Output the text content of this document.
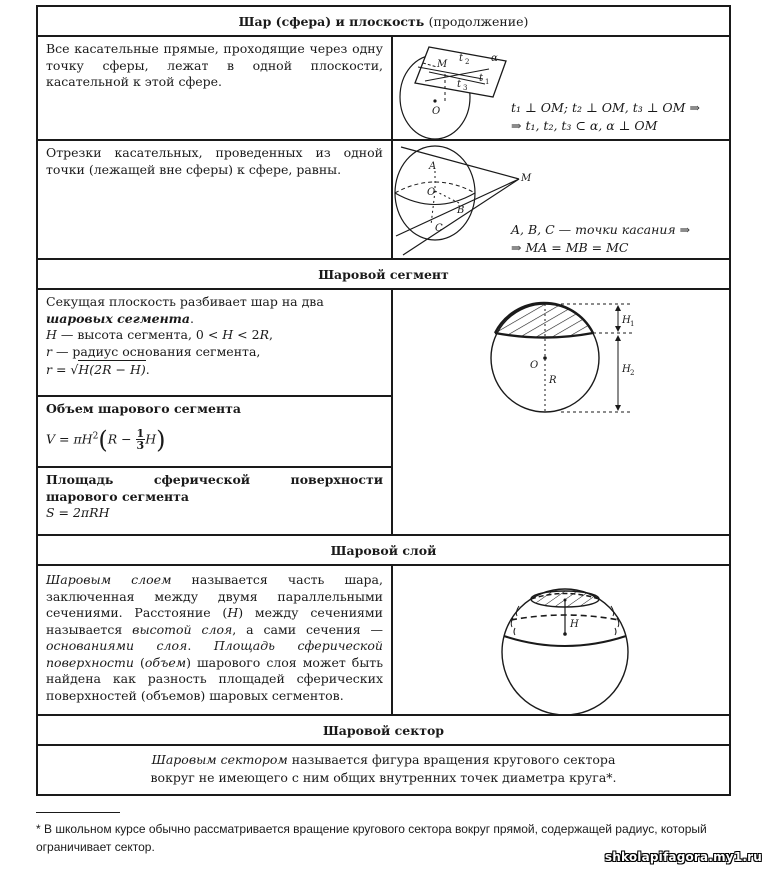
Шар (сфера) и плоскость
(продолжение)
Все касательные прямые, проходящие через одну точку сферы, лежат в одной плоскости, касательной к этой сфере.
M
t 2 α
t 1
t 3
O	t₁ ⊥ OM; t₂ ⊥ OM, t₃ ⊥ OM ⇒
⇒ t₁, t₂, t₃ ⊂ α, α ⊥ OM
Отрезки касательных, проведенных из одной точки (лежащей вне сферы) к сфере, равны.	A
O
B
C
M
A, B, C — точки касания ⇒
⇒ MA = MB = MC
Шаровой сегмент
Секущая плоскость разбивает шар на два шаровых сегмента.
H — высота сегмента, 0 < H < 2R,
r — радиус основания сегмента,
r = √H(2R − H).
Объем шарового сегмента
$V = \pi H^2(R - \frac{1}{3} H)$
Площадь сферической поверхности шарового сегмента
S = 2πRH
H 1
H 2
O
R
Шаровой слой
Шаровым слоем называется часть шара, заключенная между двумя параллельными сечениями. Расстояние (H) между сечениями называется высотой слоя, а сами сечения — основаниями слоя. Площадь сферической поверхности (объем) шарового слоя может быть найдена как разность площадей сферических поверхностей (объемов) шаровых сегментов.
H
Шаровой сектор
Шаровым сектором называется фигура вращения кругового сектора
вокруг не имеющего с ним общих внутренних точек диаметра круга*.
* В школьном курсе обычно рассматривается вращение кругового сектора вокруг прямой, содержащей радиус, который ограничивает сектор.
shkolapifagora.my1.ru
